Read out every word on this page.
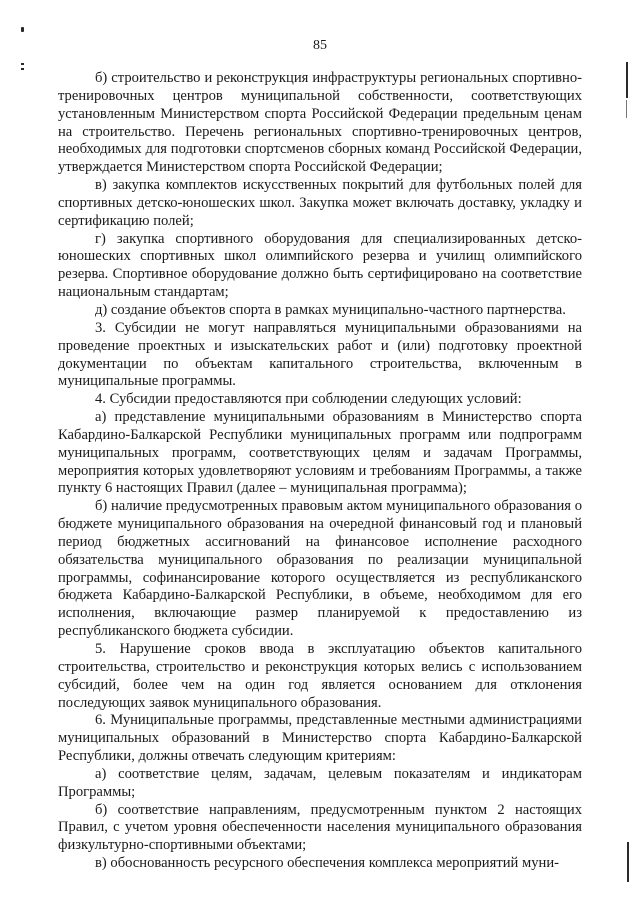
85

б) строительство и реконструкция инфраструктуры региональных спортивно-тренировочных центров муниципальной собственности, соответствующих установленным Министерством спорта Российской Федерации предельным ценам на строительство. Перечень региональных спортивно-тренировочных центров, необходимых для подготовки спортсменов сборных команд Российской Федерации, утверждается Министерством спорта Российской Федерации;

в) закупка комплектов искусственных покрытий для футбольных полей для спортивных детско-юношеских школ. Закупка может включать доставку, укладку и сертификацию полей;

г) закупка спортивного оборудования для специализированных детско-юношеских спортивных школ олимпийского резерва и училищ олимпийского резерва. Спортивное оборудование должно быть сертифицировано на соответствие национальным стандартам;

д) создание объектов спорта в рамках муниципально-частного партнерства.

3. Субсидии не могут направляться муниципальными образованиями на проведение проектных и изыскательских работ и (или) подготовку проектной документации по объектам капитального строительства, включенным в муниципальные программы.

4. Субсидии предоставляются при соблюдении следующих условий:

а) представление муниципальными образованиям в Министерство спорта Кабардино-Балкарской Республики муниципальных программ или подпрограмм муниципальных программ, соответствующих целям и задачам Программы, мероприятия которых удовлетворяют условиям и требованиям Программы, а также пункту 6 настоящих Правил (далее – муниципальная программа);

б) наличие предусмотренных правовым актом муниципального образования о бюджете муниципального образования на очередной финансовый год и плановый период бюджетных ассигнований на финансовое исполнение расходного обязательства муниципального образования по реализации муниципальной программы, софинансирование которого осуществляется из республиканского бюджета Кабардино-Балкарской Республики, в объеме, необходимом для его исполнения, включающие размер планируемой к предоставлению из республиканского бюджета субсидии.

5. Нарушение сроков ввода в эксплуатацию объектов капитального строительства, строительство и реконструкция которых велись с использованием субсидий, более чем на один год является основанием для отклонения последующих заявок муниципального образования.

6. Муниципальные программы, представленные местными администрациями муниципальных образований в Министерство спорта Кабардино-Балкарской Республики, должны отвечать следующим критериям:

а) соответствие целям, задачам, целевым показателям и индикаторам Программы;

б) соответствие направлениям, предусмотренным пунктом 2 настоящих Правил, с учетом уровня обеспеченности населения муниципального образования физкультурно-спортивными объектами;

в) обоснованность ресурсного обеспечения комплекса мероприятий муни-
